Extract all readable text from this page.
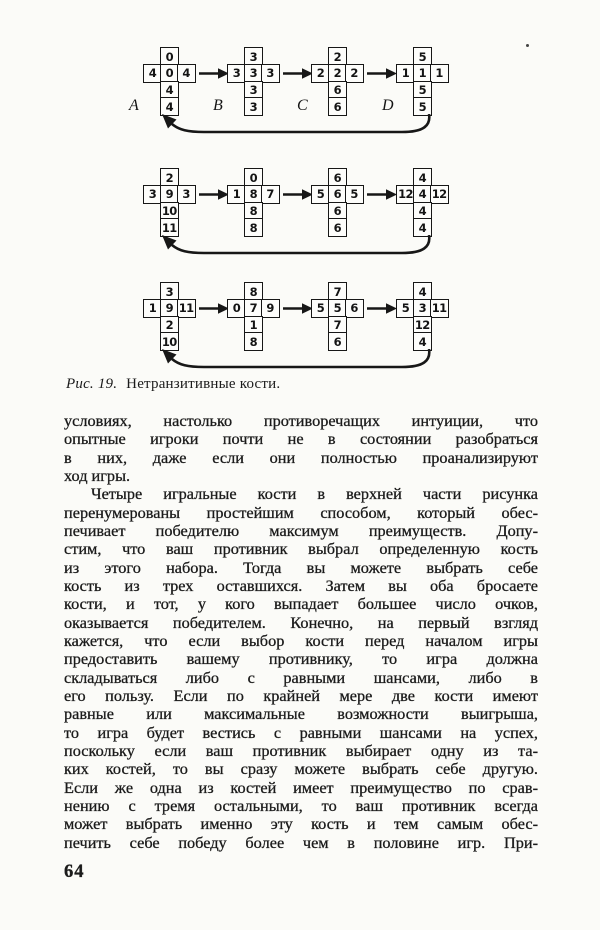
0
4 0 4
4
4
A
3
3 3 3
3
3
B
2
2 2 2
6
6
C
5
1 1 1
5
5
D
2
3 9 3
10
11
0
1 8 7
8
8
6
5 6 5
6
6
4
12 4 12
4
4
3
1 9 11
2
10
8
0 7 9
1
8
7
5 5 6
7
6
4
5 3 11
12
4
Рис. 19. Нетранзитивные кости.
условиях, настолько противоречащих интуиции, что
опытные игроки почти не в состоянии разобраться
в них, даже если они полностью проанализируют
ход игры.
Четыре игральные кости в верхней части рисунка
перенумерованы простейшим способом, который обес-
печивает победителю максимум преимуществ. Допу-
стим, что ваш противник выбрал определенную кость
из этого набора. Тогда вы можете выбрать себе
кость из трех оставшихся. Затем вы оба бросаете
кости, и тот, у кого выпадает большее число очков,
оказывается победителем. Конечно, на первый взгляд
кажется, что если выбор кости перед началом игры
предоставить вашему противнику, то игра должна
складываться либо с равными шансами, либо в
его пользу. Если по крайней мере две кости имеют
равные или максимальные возможности выигрыша,
то игра будет вестись с равными шансами на успех,
поскольку если ваш противник выбирает одну из та-
ких костей, то вы сразу можете выбрать себе другую.
Если же одна из костей имеет преимущество по срав-
нению с тремя остальными, то ваш противник всегда
может выбрать именно эту кость и тем самым обес-
печить себе победу более чем в половине игр. При-
64
